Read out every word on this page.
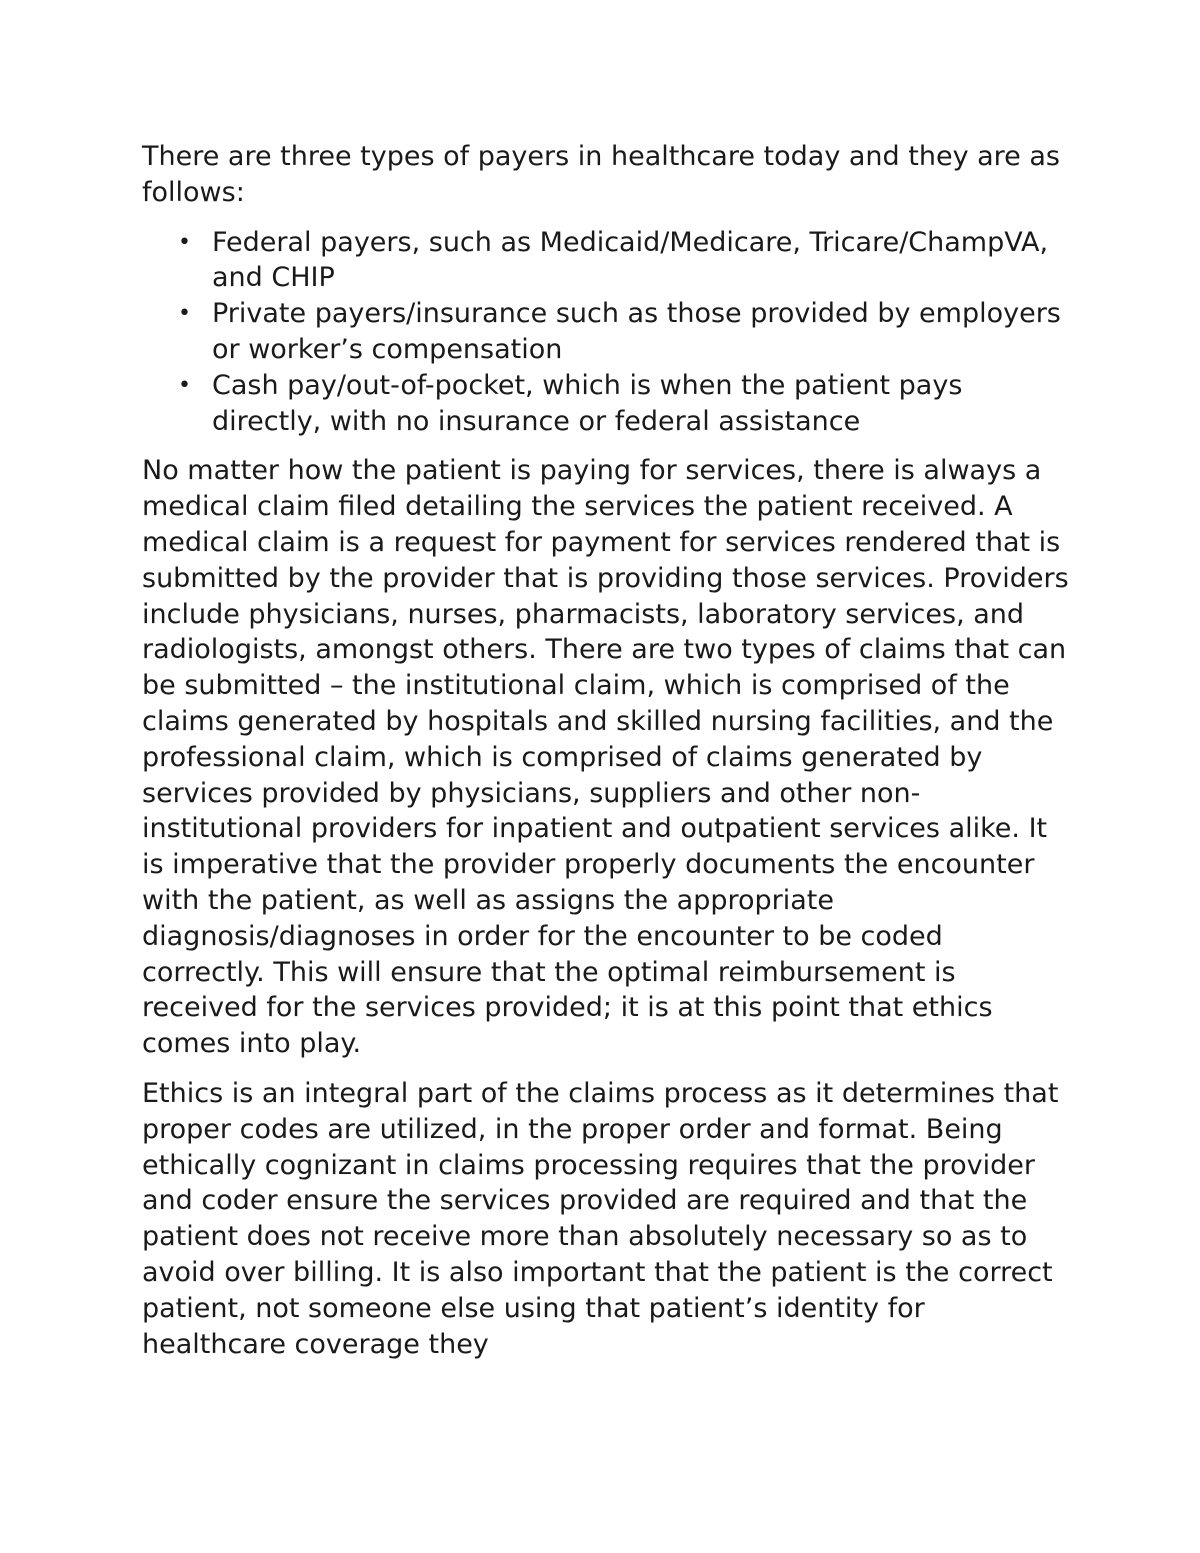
There are three types of payers in healthcare today and they are as follows:

• Federal payers, such as Medicaid/Medicare, Tricare/ChampVA, and CHIP
• Private payers/insurance such as those provided by employers or worker’s compensation
• Cash pay/out-of-pocket, which is when the patient pays directly, with no insurance or federal assistance

No matter how the patient is paying for services, there is always a medical claim filed detailing the services the patient received. A medical claim is a request for payment for services rendered that is submitted by the provider that is providing those services. Providers include physicians, nurses, pharmacists, laboratory services, and radiologists, amongst others. There are two types of claims that can be submitted – the institutional claim, which is comprised of the claims generated by hospitals and skilled nursing facilities, and the professional claim, which is comprised of claims generated by services provided by physicians, suppliers and other non-institutional providers for inpatient and outpatient services alike. It is imperative that the provider properly documents the encounter with the patient, as well as assigns the appropriate diagnosis/diagnoses in order for the encounter to be coded correctly. This will ensure that the optimal reimbursement is received for the services provided; it is at this point that ethics comes into play.

Ethics is an integral part of the claims process as it determines that proper codes are utilized, in the proper order and format. Being ethically cognizant in claims processing requires that the provider and coder ensure the services provided are required and that the patient does not receive more than absolutely necessary so as to avoid over billing. It is also important that the patient is the correct patient, not someone else using that patient’s identity for healthcare coverage they
